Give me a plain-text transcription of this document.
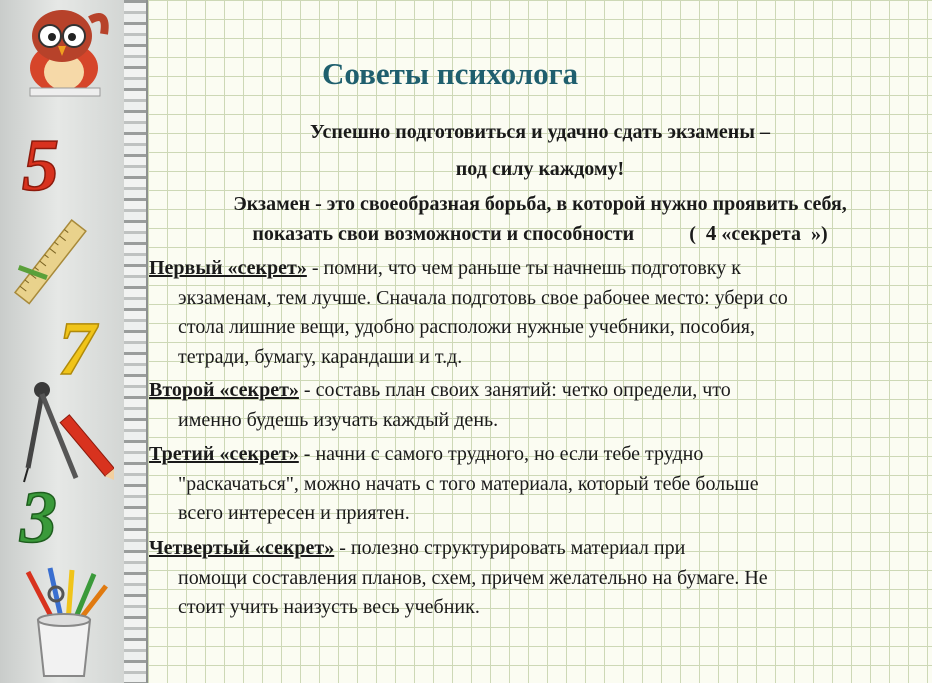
5
7
3
Советы психолога

Успешно подготовиться и удачно сдать экзамены –

под силу каждому!

Экзамен - это своеобразная борьба, в которой нужно проявить себя,
показать свои возможности и способности	( 4 «секрета »)

Первый «секрет» - помни, что чем раньше ты начнешь подготовку к
экзаменам, тем лучше. Сначала подготовь свое рабочее место: убери со
стола лишние вещи, удобно расположи нужные учебники, пособия,
тетради, бумагу, карандаши и т.д.

Второй «секрет» - составь план своих занятий: четко определи, что
именно будешь изучать каждый день.

Третий «секрет» - начни с самого трудного, но если тебе трудно
"раскачаться", можно начать с того материала, который тебе больше
всего интересен и приятен.

Четвертый «секрет» - полезно структурировать материал при
помощи составления планов, схем, причем желательно на бумаге. Не
стоит учить наизусть весь учебник.
